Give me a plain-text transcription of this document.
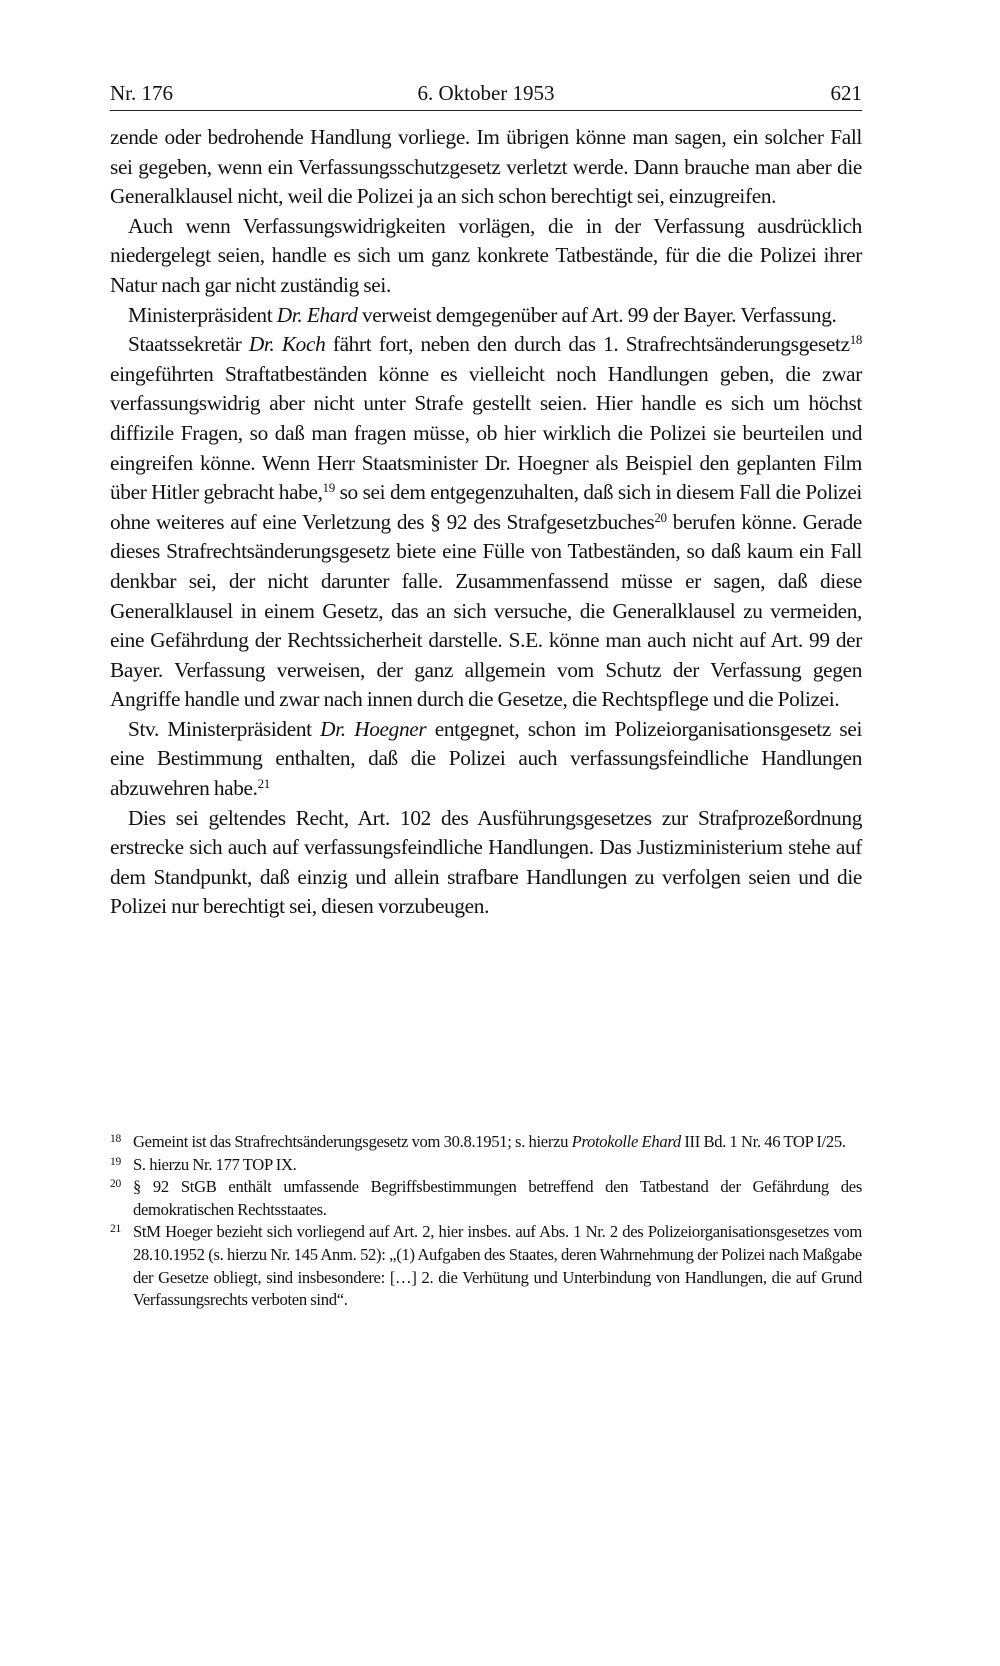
Nr. 176	6. Oktober 1953	621

zende oder bedrohende Handlung vorliege. Im übrigen könne man sagen, ein solcher Fall sei gegeben, wenn ein Verfassungsschutzgesetz verletzt werde. Dann brauche man aber die Generalklausel nicht, weil die Polizei ja an sich schon berechtigt sei, einzugreifen.

Auch wenn Verfassungswidrigkeiten vorlägen, die in der Verfassung ausdrücklich niedergelegt seien, handle es sich um ganz konkrete Tatbestände, für die die Polizei ihrer Natur nach gar nicht zuständig sei.

Ministerpräsident Dr. Ehard verweist demgegenüber auf Art. 99 der Bayer. Verfassung.

Staatssekretär Dr. Koch fährt fort, neben den durch das 1. Strafrechtsänderungsgesetz$^{18}$ eingeführten Straftatbeständen könne es vielleicht noch Handlungen geben, die zwar verfassungswidrig aber nicht unter Strafe gestellt seien. Hier handle es sich um höchst diffizile Fragen, so daß man fragen müsse, ob hier wirklich die Polizei sie beurteilen und eingreifen könne. Wenn Herr Staatsminister Dr. Hoegner als Beispiel den geplanten Film über Hitler gebracht habe,$^{19}$ so sei dem entgegenzuhalten, daß sich in diesem Fall die Polizei ohne weiteres auf eine Verletzung des § 92 des Strafgesetzbuches$^{20}$ berufen könne. Gerade dieses Strafrechtsänderungsgesetz biete eine Fülle von Tatbeständen, so daß kaum ein Fall denkbar sei, der nicht darunter falle. Zusammenfassend müsse er sagen, daß diese Generalklausel in einem Gesetz, das an sich versuche, die Generalklausel zu vermeiden, eine Gefährdung der Rechtssicherheit darstelle. S.E. könne man auch nicht auf Art. 99 der Bayer. Verfassung verweisen, der ganz allgemein vom Schutz der Verfassung gegen Angriffe handle und zwar nach innen durch die Gesetze, die Rechtspflege und die Polizei.

Stv. Ministerpräsident Dr. Hoegner entgegnet, schon im Polizeiorganisationsgesetz sei eine Bestimmung enthalten, daß die Polizei auch verfassungsfeindliche Handlungen abzuwehren habe.$^{21}$

Dies sei geltendes Recht, Art. 102 des Ausführungsgesetzes zur Strafprozeßordnung erstrecke sich auch auf verfassungsfeindliche Handlungen. Das Justizministerium stehe auf dem Standpunkt, daß einzig und allein strafbare Handlungen zu verfolgen seien und die Polizei nur berechtigt sei, diesen vorzubeugen.

18 Gemeint ist das Strafrechtsänderungsgesetz vom 30.8.1951; s. hierzu Protokolle Ehard III Bd. 1 Nr. 46 TOP I/25.

19 S. hierzu Nr. 177 TOP IX.

20 § 92 StGB enthält umfassende Begriffsbestimmungen betreffend den Tatbestand der Gefährdung des demokratischen Rechtsstaates.

21 StM Hoeger bezieht sich vorliegend auf Art. 2, hier insbes. auf Abs. 1 Nr. 2 des Polizeiorganisationsgesetzes vom 28.10.1952 (s. hierzu Nr. 145 Anm. 52): „(1) Aufgaben des Staates, deren Wahrnehmung der Polizei nach Maßgabe der Gesetze obliegt, sind insbesondere: […] 2. die Verhütung und Unterbindung von Handlungen, die auf Grund Verfassungsrechts verboten sind“.
